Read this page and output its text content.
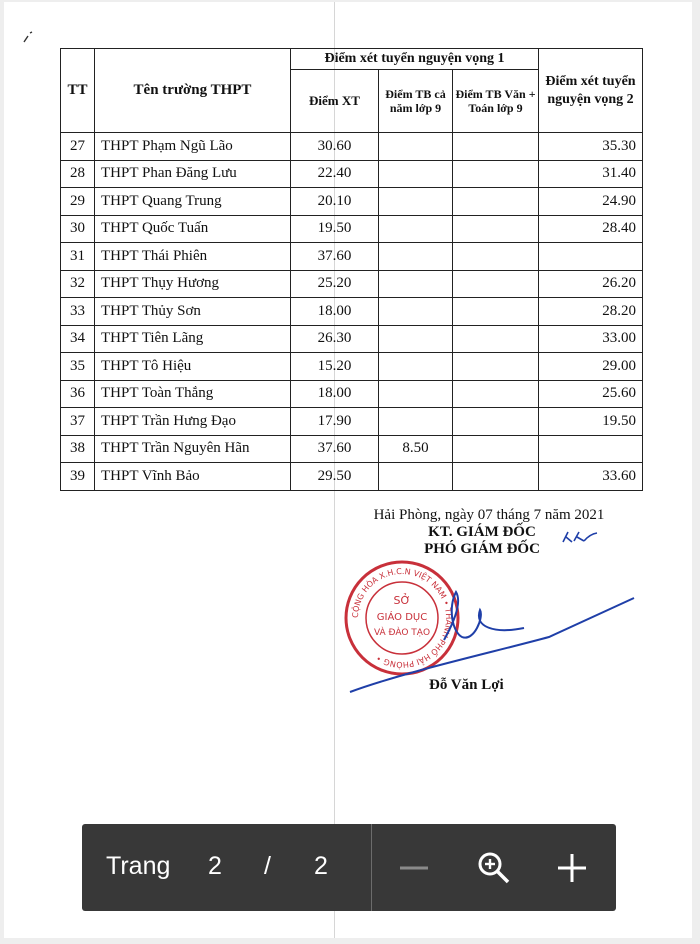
TT	Tên trường THPT	Điểm xét tuyển nguyện vọng 1			Điểm xét tuyển nguyện vọng 2
		Điểm XT	Điểm TB cả năm lớp 9	Điểm TB Văn + Toán lớp 9	
27	THPT Phạm Ngũ Lão	30.60			35.30
28	THPT Phan Đăng Lưu	22.40			31.40
29	THPT Quang Trung	20.10			24.90
30	THPT Quốc Tuấn	19.50			28.40
31	THPT Thái Phiên	37.60			
32	THPT Thụy Hương	25.20			26.20
33	THPT Thủy Sơn	18.00			28.20
34	THPT Tiên Lãng	26.30			33.00
35	THPT Tô Hiệu	15.20			29.00
36	THPT Toàn Thắng	18.00			25.60
37	THPT Trần Hưng Đạo	17.90			19.50
38	THPT Trần Nguyên Hãn	37.60	8.50		
39	THPT Vĩnh Bảo	29.50			33.60
Hải Phòng, ngày 07 tháng 7 năm 2021
KT. GIÁM ĐỐC
PHÓ GIÁM ĐỐC
Đỗ Văn Lợi
CỘNG HÒA X.H.C.N VIỆT NAM • THÀNH PHỐ HẢI PHÒNG •
SỞ
GIÁO DỤC
VÀ ĐÀO TẠO
Trang 2 / 2
